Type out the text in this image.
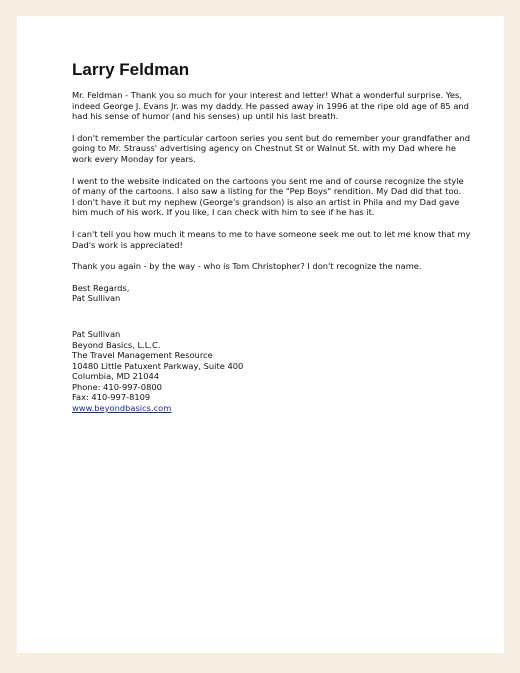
Larry Feldman

Mr. Feldman - Thank you so much for your interest and letter! What a wonderful surprise. Yes,
indeed George J. Evans Jr. was my daddy. He passed away in 1996 at the ripe old age of 85 and
had his sense of humor (and his senses) up until his last breath.

I don't remember the particular cartoon series you sent but do remember your grandfather and
going to Mr. Strauss' advertising agency on Chestnut St or Walnut St. with my Dad where he
work every Monday for years.

I went to the website indicated on the cartoons you sent me and of course recognize the style
of many of the cartoons. I also saw a listing for the "Pep Boys" rendition. My Dad did that too.
I don't have it but my nephew (George's grandson) is also an artist in Phila and my Dad gave
him much of his work. If you like, I can check with him to see if he has it.

I can't tell you how much it means to me to have someone seek me out to let me know that my
Dad's work is appreciated!

Thank you again - by the way - who is Tom Christopher? I don't recognize the name.

Best Regards,
Pat Sullivan

Pat Sullivan
Beyond Basics, L.L.C.
The Travel Management Resource
10480 Little Patuxent Parkway, Suite 400
Columbia, MD 21044
Phone: 410-997-0800
Fax: 410-997-8109
www.beyondbasics.com
